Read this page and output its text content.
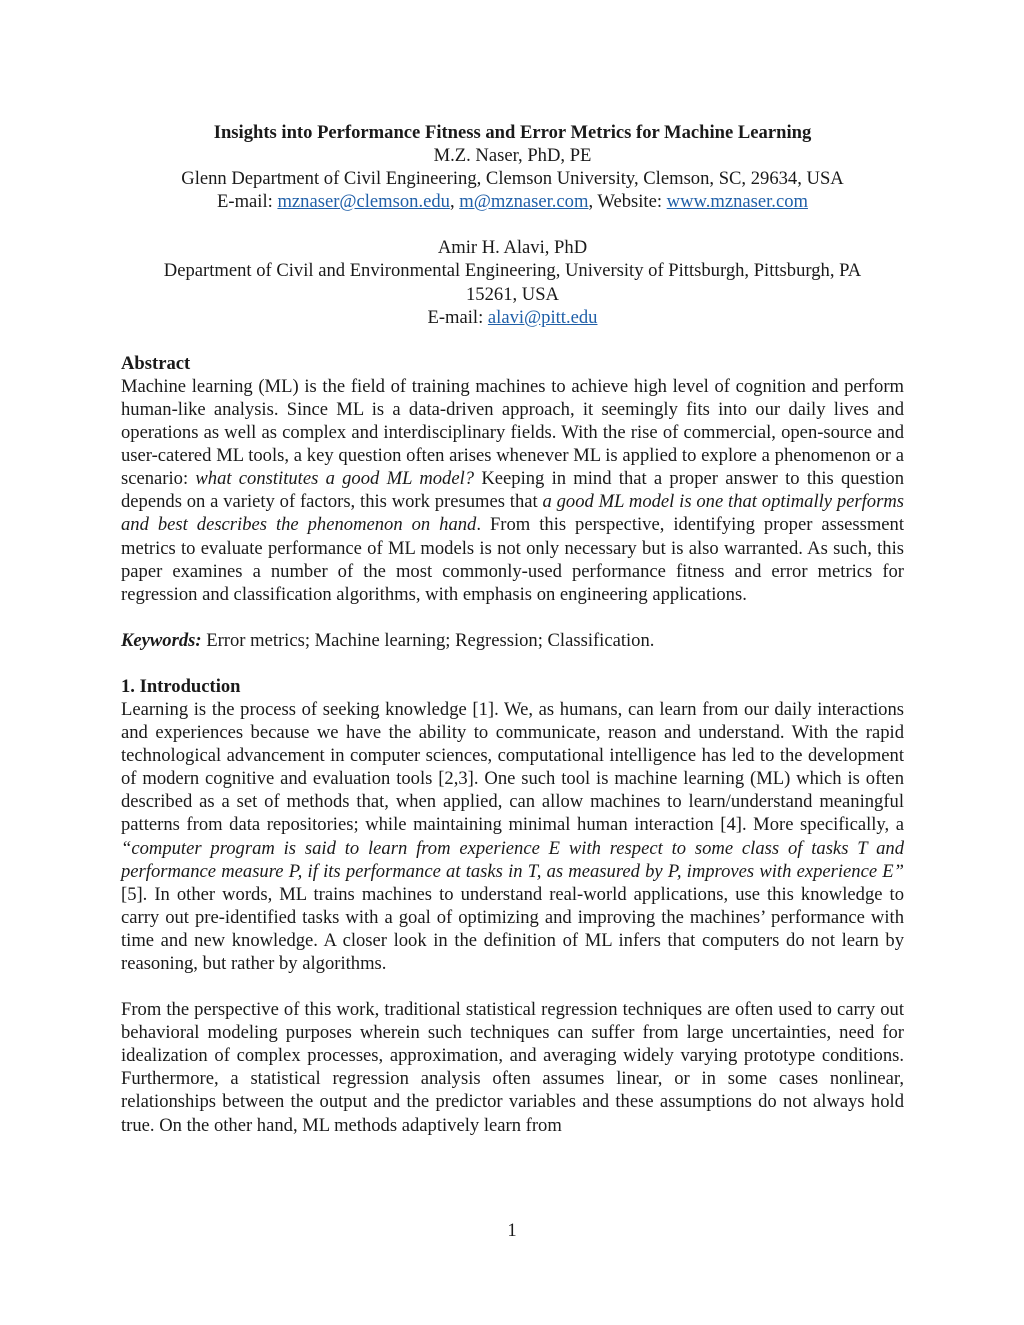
Insights into Performance Fitness and Error Metrics for Machine Learning
M.Z. Naser, PhD, PE
Glenn Department of Civil Engineering, Clemson University, Clemson, SC, 29634, USA
E-mail: mznaser@clemson.edu, m@mznaser.com, Website: www.mznaser.com
Amir H. Alavi, PhD
Department of Civil and Environmental Engineering, University of Pittsburgh, Pittsburgh, PA
15261, USA
E-mail: alavi@pitt.edu

Abstract

Machine learning (ML) is the field of training machines to achieve high level of cognition and perform human-like analysis. Since ML is a data-driven approach, it seemingly fits into our daily lives and operations as well as complex and interdisciplinary fields. With the rise of commercial, open-source and user-catered ML tools, a key question often arises whenever ML is applied to explore a phenomenon or a scenario: what constitutes a good ML model? Keeping in mind that a proper answer to this question depends on a variety of factors, this work presumes that a good ML model is one that optimally performs and best describes the phenomenon on hand. From this perspective, identifying proper assessment metrics to evaluate performance of ML models is not only necessary but is also warranted. As such, this paper examines a number of the most commonly-used performance fitness and error metrics for regression and classification algorithms, with emphasis on engineering applications.

Keywords: Error metrics; Machine learning; Regression; Classification.

1. Introduction

Learning is the process of seeking knowledge [1]. We, as humans, can learn from our daily interactions and experiences because we have the ability to communicate, reason and understand. With the rapid technological advancement in computer sciences, computational intelligence has led to the development of modern cognitive and evaluation tools [2,3]. One such tool is machine learning (ML) which is often described as a set of methods that, when applied, can allow machines to learn/understand meaningful patterns from data repositories; while maintaining minimal human interaction [4]. More specifically, a “computer program is said to learn from experience E with respect to some class of tasks T and performance measure P, if its performance at tasks in T, as measured by P, improves with experience E” [5]. In other words, ML trains machines to understand real-world applications, use this knowledge to carry out pre-identified tasks with a goal of optimizing and improving the machines’ performance with time and new knowledge. A closer look in the definition of ML infers that computers do not learn by reasoning, but rather by algorithms.

From the perspective of this work, traditional statistical regression techniques are often used to carry out behavioral modeling purposes wherein such techniques can suffer from large uncertainties, need for idealization of complex processes, approximation, and averaging widely varying prototype conditions. Furthermore, a statistical regression analysis often assumes linear, or in some cases nonlinear, relationships between the output and the predictor variables and these assumptions do not always hold true. On the other hand, ML methods adaptively learn from

1
